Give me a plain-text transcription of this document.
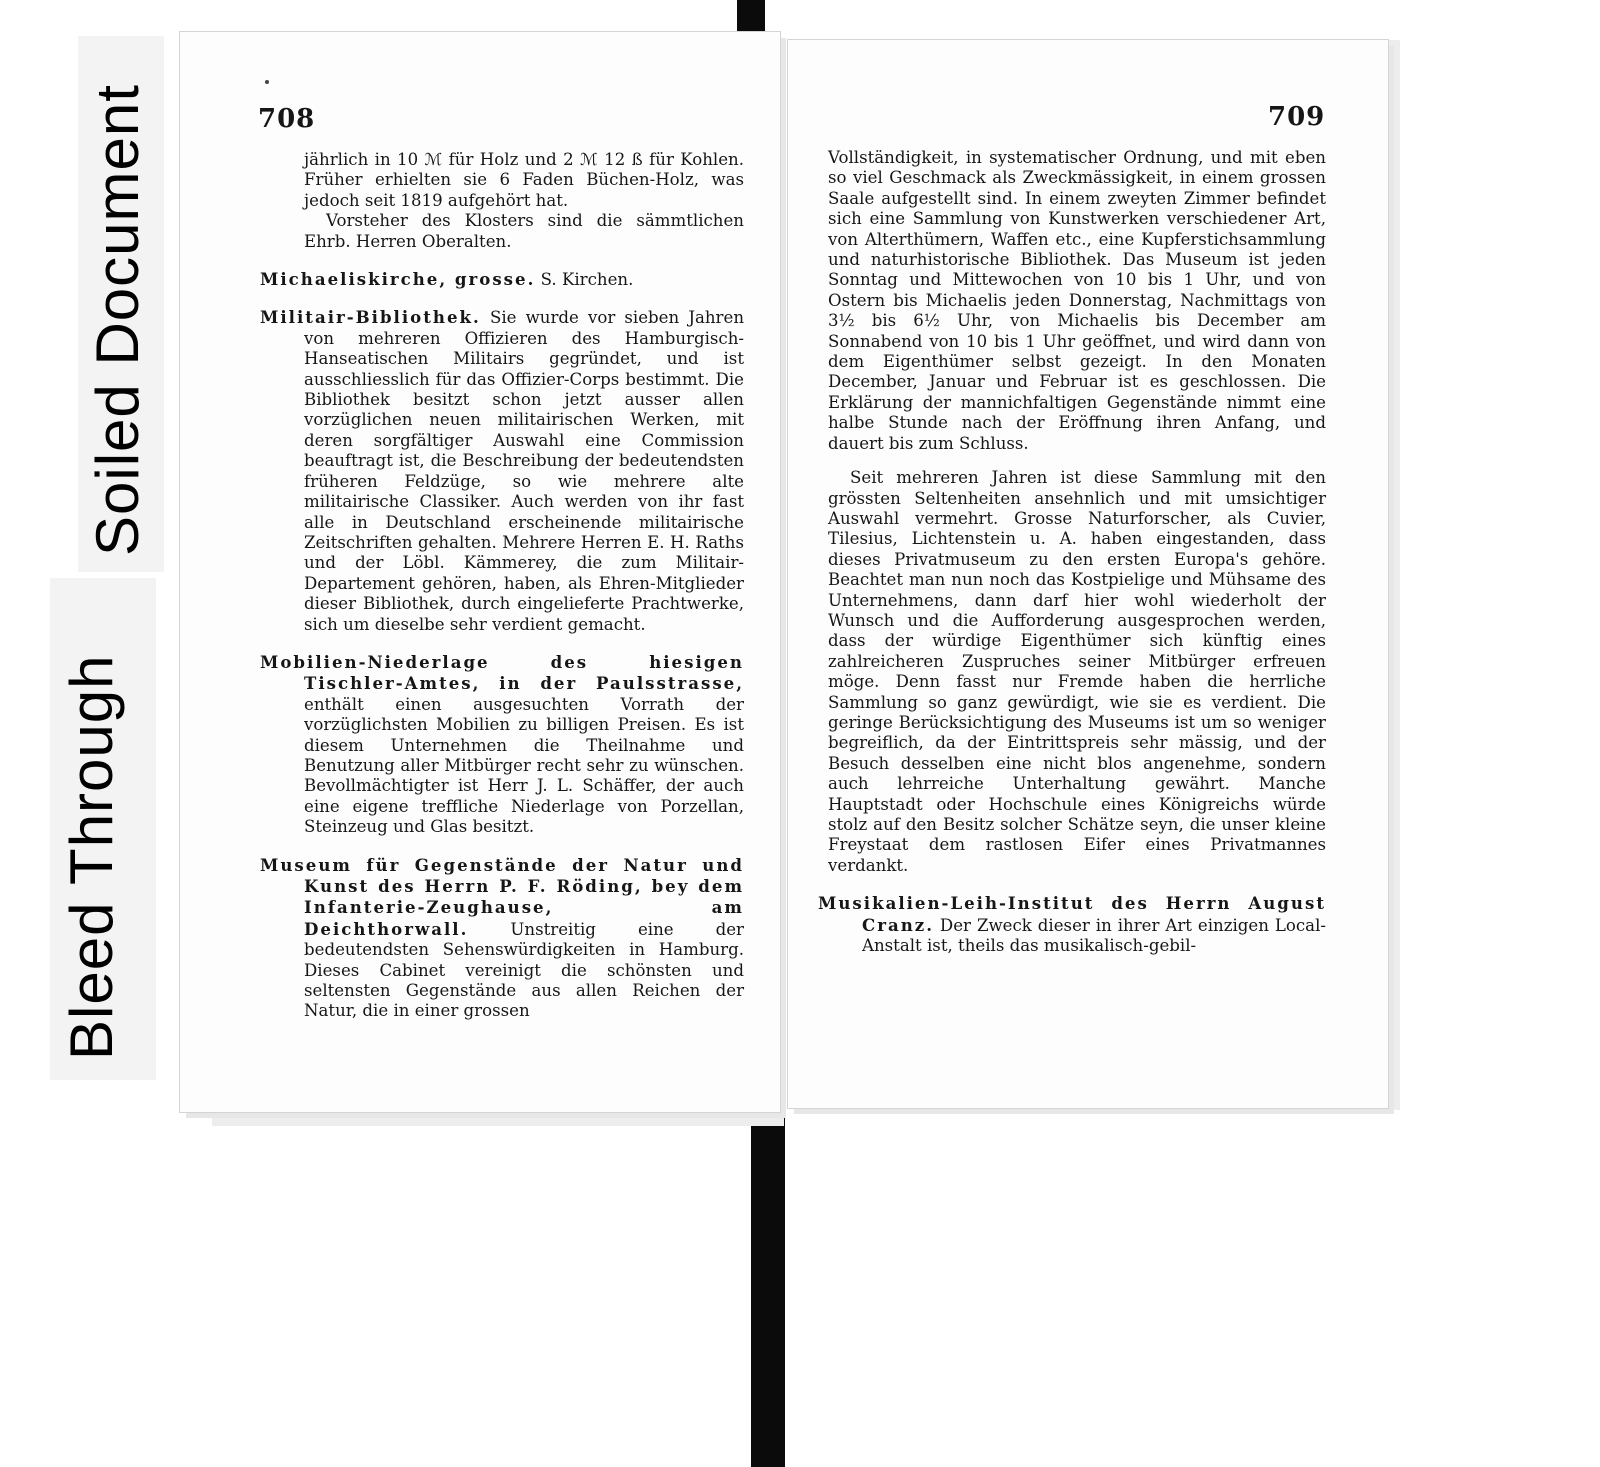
Bleed Through
Soiled Document	708

jährlich in 10 ℳ für Holz und 2 ℳ 12 ß für Kohlen. Früher erhielten sie 6 Faden Büchen-Holz, was jedoch seit 1819 aufgehört hat.

Vorsteher des Klosters sind die sämmtlichen Ehrb. Herren Oberalten.

Michaeliskirche, grosse. S. Kirchen.

Militair-Bibliothek. Sie wurde vor sieben Jahren von mehreren Offizieren des Hamburgisch-Hanseatischen Militairs gegründet, und ist ausschliesslich für das Offizier-Corps bestimmt. Die Bibliothek besitzt schon jetzt ausser allen vorzüglichen neuen militairischen Werken, mit deren sorgfältiger Auswahl eine Commission beauftragt ist, die Beschreibung der bedeutendsten früheren Feldzüge, so wie mehrere alte militairische Classiker. Auch werden von ihr fast alle in Deutschland erscheinende militairische Zeitschriften gehalten. Mehrere Herren E. H. Raths und der Löbl. Kämmerey, die zum Militair-Departement gehören, haben, als Ehren-Mitglieder dieser Bibliothek, durch eingelieferte Prachtwerke, sich um dieselbe sehr verdient gemacht.

Mobilien-Niederlage des hiesigen Tischler-Amtes, in der Paulsstrasse, enthält einen ausgesuchten Vorrath der vorzüglichsten Mobilien zu billigen Preisen. Es ist diesem Unternehmen die Theilnahme und Benutzung aller Mitbürger recht sehr zu wünschen. Bevollmächtigter ist Herr J. L. Schäffer, der auch eine eigene treffliche Niederlage von Porzellan, Steinzeug und Glas besitzt.

Museum für Gegenstände der Natur und Kunst des Herrn P. F. Röding, bey dem Infanterie-Zeughause, am Deichthorwall. Unstreitig eine der bedeutendsten Sehenswürdigkeiten in Hamburg. Dieses Cabinet vereinigt die schönsten und seltensten Gegenstände aus allen Reichen der Natur, die in einer grossen

709

Vollständigkeit, in systematischer Ordnung, und mit eben so viel Geschmack als Zweckmässigkeit, in einem grossen Saale aufgestellt sind. In einem zweyten Zimmer befindet sich eine Sammlung von Kunstwerken verschiedener Art, von Alterthümern, Waffen etc., eine Kupferstichsammlung und naturhistorische Bibliothek. Das Museum ist jeden Sonntag und Mittewochen von 10 bis 1 Uhr, und von Ostern bis Michaelis jeden Donnerstag, Nachmittags von 3½ bis 6½ Uhr, von Michaelis bis December am Sonnabend von 10 bis 1 Uhr geöffnet, und wird dann von dem Eigenthümer selbst gezeigt. In den Monaten December, Januar und Februar ist es geschlossen. Die Erklärung der mannichfaltigen Gegenstände nimmt eine halbe Stunde nach der Eröffnung ihren Anfang, und dauert bis zum Schluss.

Seit mehreren Jahren ist diese Sammlung mit den grössten Seltenheiten ansehnlich und mit umsichtiger Auswahl vermehrt. Grosse Naturforscher, als Cuvier, Tilesius, Lichtenstein u. A. haben eingestanden, dass dieses Privatmuseum zu den ersten Europa's gehöre. Beachtet man nun noch das Kostpielige und Mühsame des Unternehmens, dann darf hier wohl wiederholt der Wunsch und die Aufforderung ausgesprochen werden, dass der würdige Eigenthümer sich künftig eines zahlreicheren Zuspruches seiner Mitbürger erfreuen möge. Denn fasst nur Fremde haben die herrliche Sammlung so ganz gewürdigt, wie sie es verdient. Die geringe Berücksichtigung des Museums ist um so weniger begreiflich, da der Eintrittspreis sehr mässig, und der Besuch desselben eine nicht blos angenehme, sondern auch lehrreiche Unterhaltung gewährt. Manche Hauptstadt oder Hochschule eines Königreichs würde stolz auf den Besitz solcher Schätze seyn, die unser kleine Freystaat dem rastlosen Eifer eines Privatmannes verdankt.

Musikalien-Leih-Institut des Herrn August Cranz. Der Zweck dieser in ihrer Art einzigen Local-Anstalt ist, theils das musikalisch-gebil-
